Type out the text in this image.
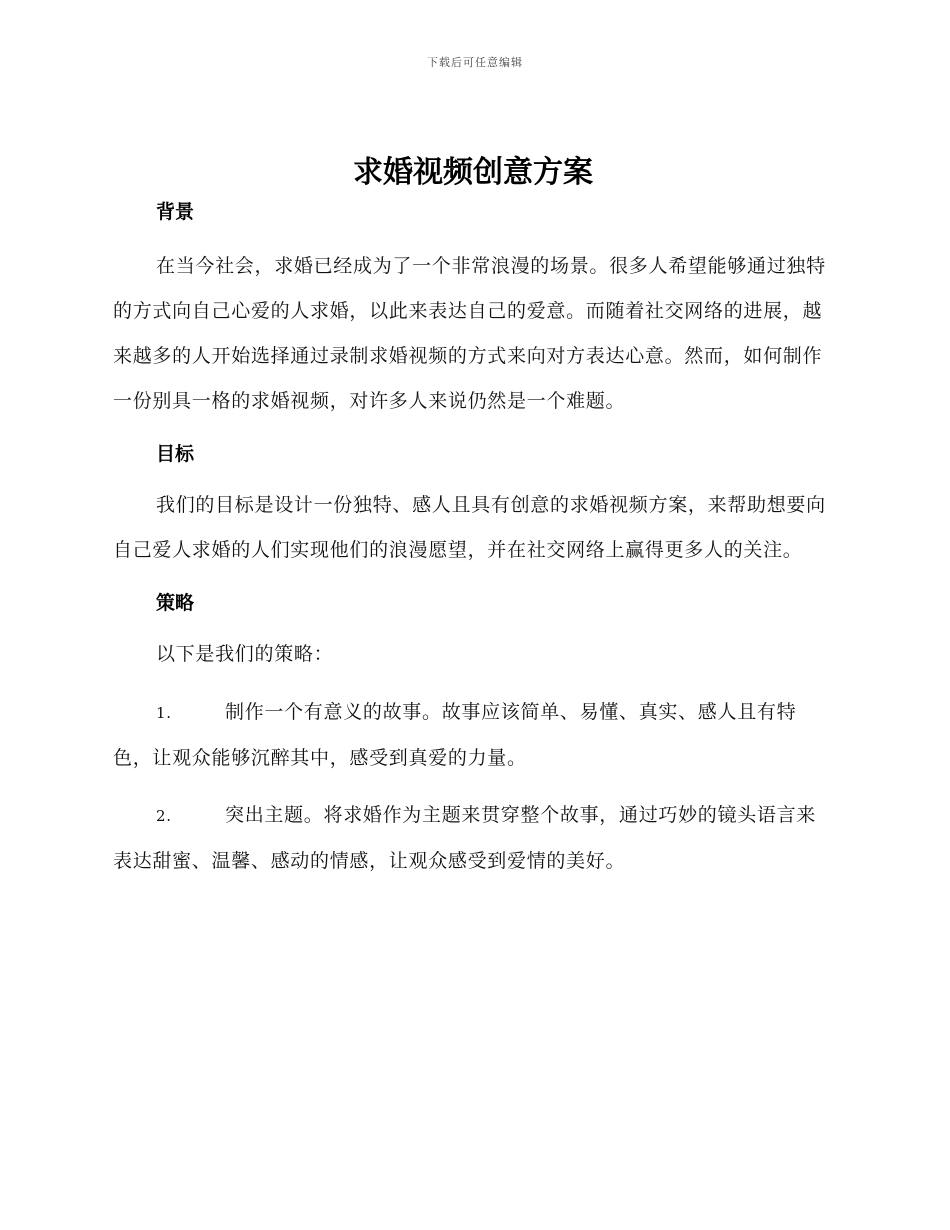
下载后可任意编辑
求婚视频创意方案
背景

在当今社会，求婚已经成为了一个非常浪漫的场景。很多人希望能够通过独特的方式向自己心爱的人求婚，以此来表达自己的爱意。而随着社交网络的进展，越来越多的人开始选择通过录制求婚视频的方式来向对方表达心意。然而，如何制作一份别具一格的求婚视频，对许多人来说仍然是一个难题。

目标

我们的目标是设计一份独特、感人且具有创意的求婚视频方案，来帮助想要向自己爱人求婚的人们实现他们的浪漫愿望，并在社交网络上赢得更多人的关注。

策略

以下是我们的策略：

1.	制作一个有意义的故事。故事应该简单、易懂、真实、感人且有特色，让观众能够沉醉其中，感受到真爱的力量。

2.	突出主题。将求婚作为主题来贯穿整个故事，通过巧妙的镜头语言来表达甜蜜、温馨、感动的情感，让观众感受到爱情的美好。
